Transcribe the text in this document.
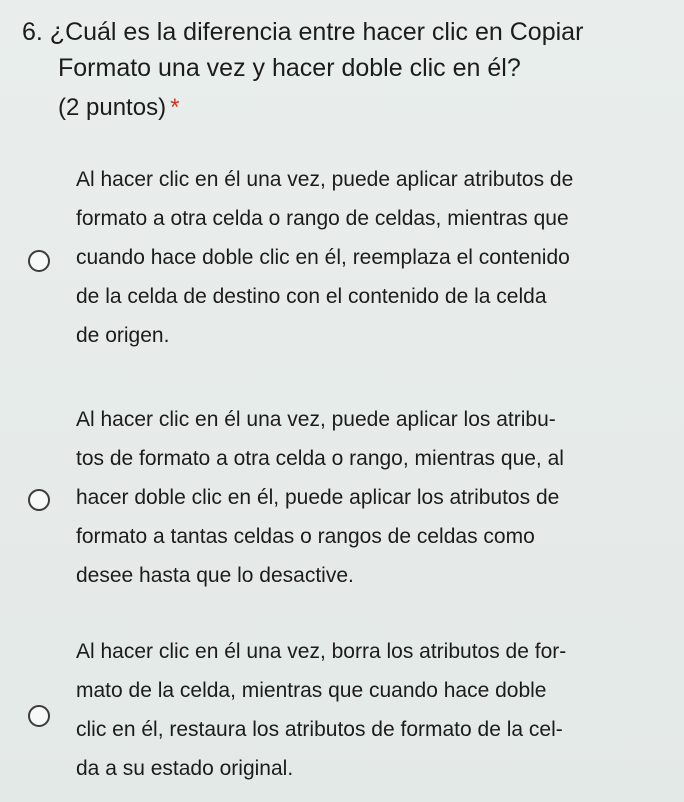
6. ¿Cuál es la diferencia entre hacer clic en Copiar
Formato una vez y hacer doble clic en él?
(2 puntos) *
Al hacer clic en él una vez, puede aplicar atributos de
formato a otra celda o rango de celdas, mientras que
cuando hace doble clic en él, reemplaza el contenido
de la celda de destino con el contenido de la celda
de origen.
Al hacer clic en él una vez, puede aplicar los atribu-
tos de formato a otra celda o rango, mientras que, al
hacer doble clic en él, puede aplicar los atributos de
formato a tantas celdas o rangos de celdas como
desee hasta que lo desactive.
Al hacer clic en él una vez, borra los atributos de for-
mato de la celda, mientras que cuando hace doble
clic en él, restaura los atributos de formato de la cel-
da a su estado original.
